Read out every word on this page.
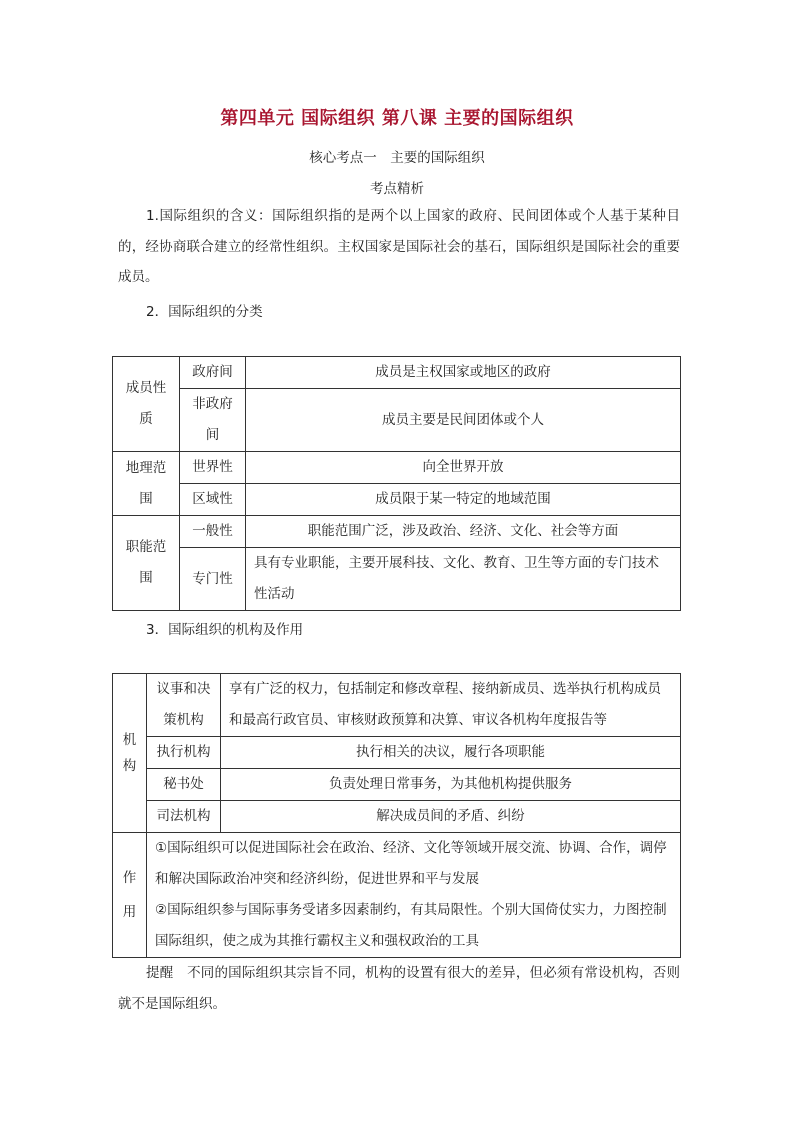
第四单元 国际组织 第八课 主要的国际组织
核心考点一　主要的国际组织
考点精析
1.国际组织的含义：国际组织指的是两个以上国家的政府、民间团体或个人基于某种目的，经协商联合建立的经常性组织。主权国家是国际社会的基石，国际组织是国际社会的重要成员。
2．国际组织的分类
成员性质	政府间	成员是主权国家或地区的政府
	非政府间	成员主要是民间团体或个人
地理范围	世界性	向全世界开放
	区域性	成员限于某一特定的地域范围
职能范围	一般性	职能范围广泛，涉及政治、经济、文化、社会等方面
	专门性	具有专业职能，主要开展科技、文化、教育、卫生等方面的专门技术性活动
3．国际组织的机构及作用
机构	议事和决策机构	享有广泛的权力，包括制定和修改章程、接纳新成员、选举执行机构成员和最高行政官员、审核财政预算和决算、审议各机构年度报告等
	执行机构	执行相关的决议，履行各项职能
	秘书处	负责处理日常事务，为其他机构提供服务
	司法机构	解决成员间的矛盾、纠纷
作用	①国际组织可以促进国际社会在政治、经济、文化等领域开展交流、协调、合作，调停和解决国际政治冲突和经济纠纷，促进世界和平与发展
②国际组织参与国际事务受诸多因素制约，有其局限性。个别大国倚仗实力，力图控制国际组织，使之成为其推行霸权主义和强权政治的工具	
提醒　不同的国际组织其宗旨不同，机构的设置有很大的差异，但必须有常设机构，否则就不是国际组织。
